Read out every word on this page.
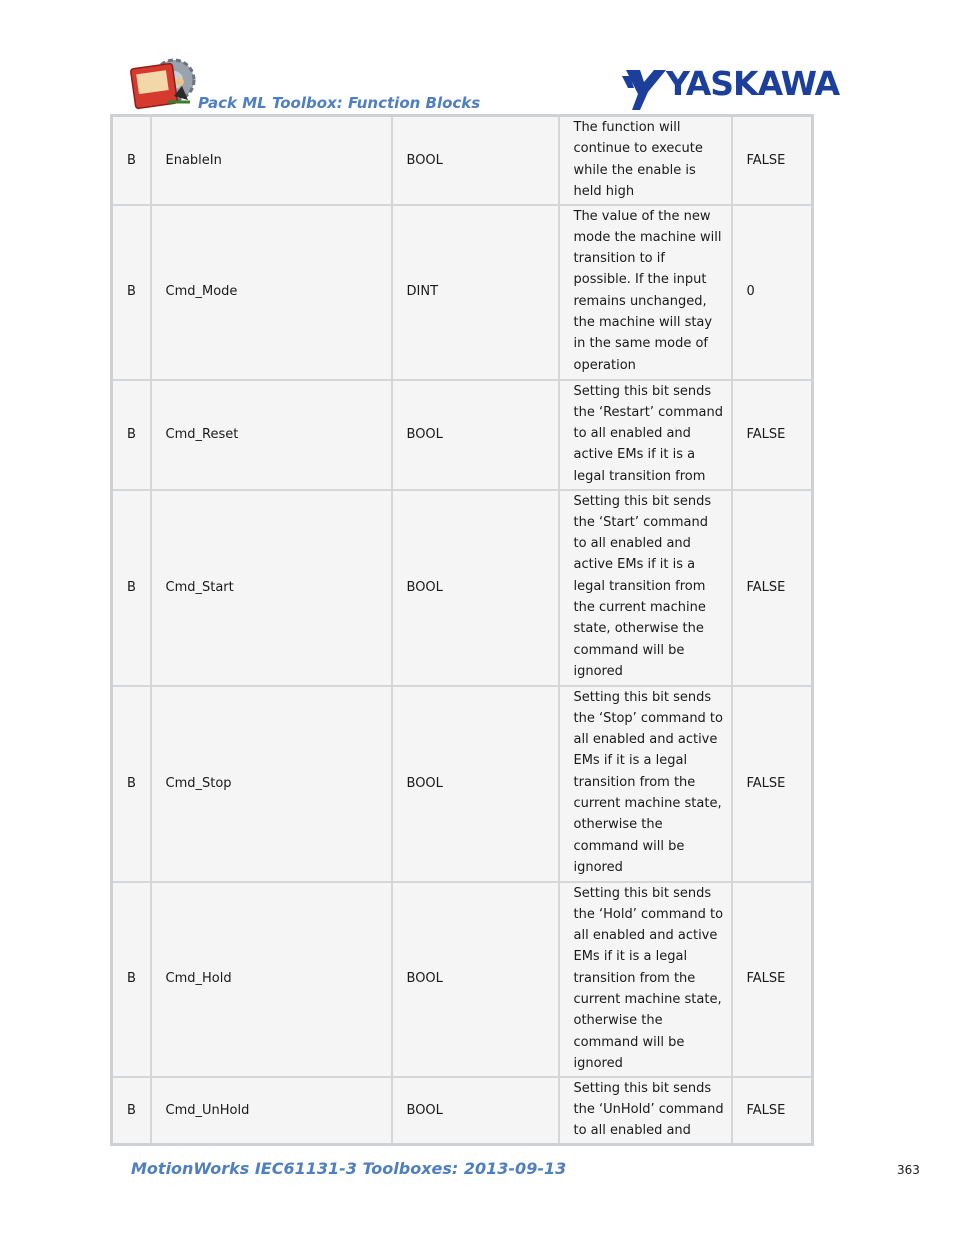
Pack ML Toolbox: Function Blocks	YASKAWA
B	EnableIn	BOOL	The function will continue to execute while the enable is held high	FALSE
B	Cmd_Mode	DINT	The value of the new mode the machine will transition to if possible. If the input remains unchanged, the machine will stay in the same mode of operation	0
B	Cmd_Reset	BOOL	Setting this bit sends the ‘Restart’ command to all enabled and active EMs if it is a legal transition from	FALSE
B	Cmd_Start	BOOL	Setting this bit sends the ‘Start’ command to all enabled and active EMs if it is a legal transition from the current machine state, otherwise the command will be ignored	FALSE
B	Cmd_Stop	BOOL	Setting this bit sends the ‘Stop’ command to all enabled and active EMs if it is a legal transition from the current machine state, otherwise the command will be ignored	FALSE
B	Cmd_Hold	BOOL	Setting this bit sends the ‘Hold’ command to all enabled and active EMs if it is a legal transition from the current machine state, otherwise the command will be ignored	FALSE
B	Cmd_UnHold	BOOL	Setting this bit sends the ‘UnHold’ command to all enabled and	FALSE
MotionWorks IEC61131-3 Toolboxes: 2013-09-13	363
